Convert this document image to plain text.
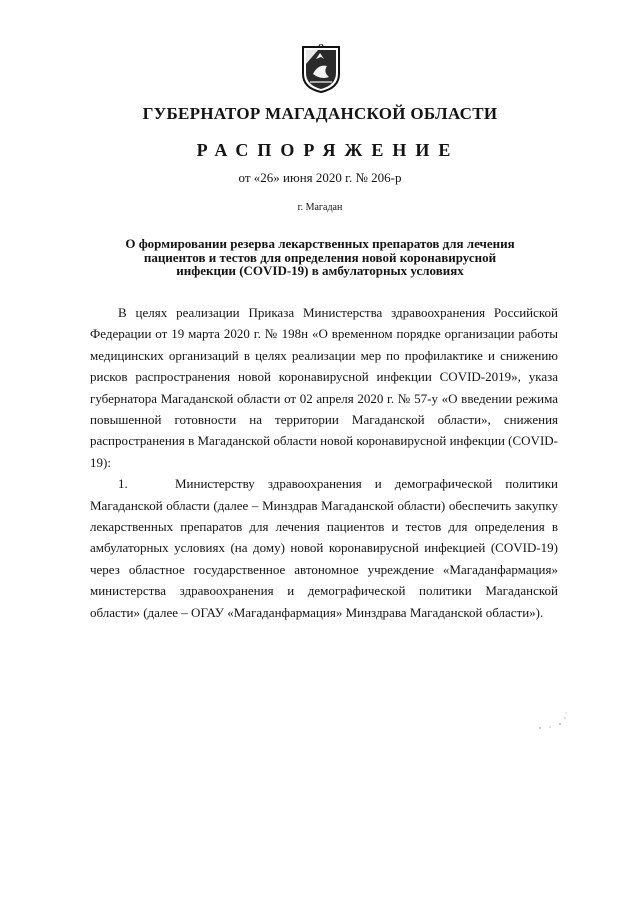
ГУБЕРНАТОР МАГАДАНСКОЙ ОБЛАСТИ
РАСПОРЯЖЕНИЕ
от «26» июня 2020 г. № 206-р
г. Магадан
О формировании резерва лекарственных препаратов для лечения
пациентов и тестов для определения новой коронавирусной
инфекции (COVID-19) в амбулаторных условиях

В целях реализации Приказа Министерства здравоохранения Российской Федерации от 19 марта 2020 г. № 198н «О временном порядке организации работы медицинских организаций в целях реализации мер по профилактике и снижению рисков распространения новой коронавирусной инфекции COVID-2019», указа губернатора Магаданской области от 02 апреля 2020 г. № 57-у «О введении режима повышенной готовности на территории Магаданской области», снижения распространения в Магаданской области новой коронавирусной инфекции (COVID-19):

1.	Министерству здравоохранения и демографической политики Магаданской области (далее – Минздрав Магаданской области) обеспечить закупку лекарственных препаратов для лечения пациентов и тестов для определения в амбулаторных условиях (на дому) новой коронавирусной инфекцией (COVID-19) через областное государственное автономное учреждение «Магаданфармация» министерства здравоохранения и демографической политики Магаданской области» (далее – ОГАУ «Магаданфармация» Минздрава Магаданской области»).
